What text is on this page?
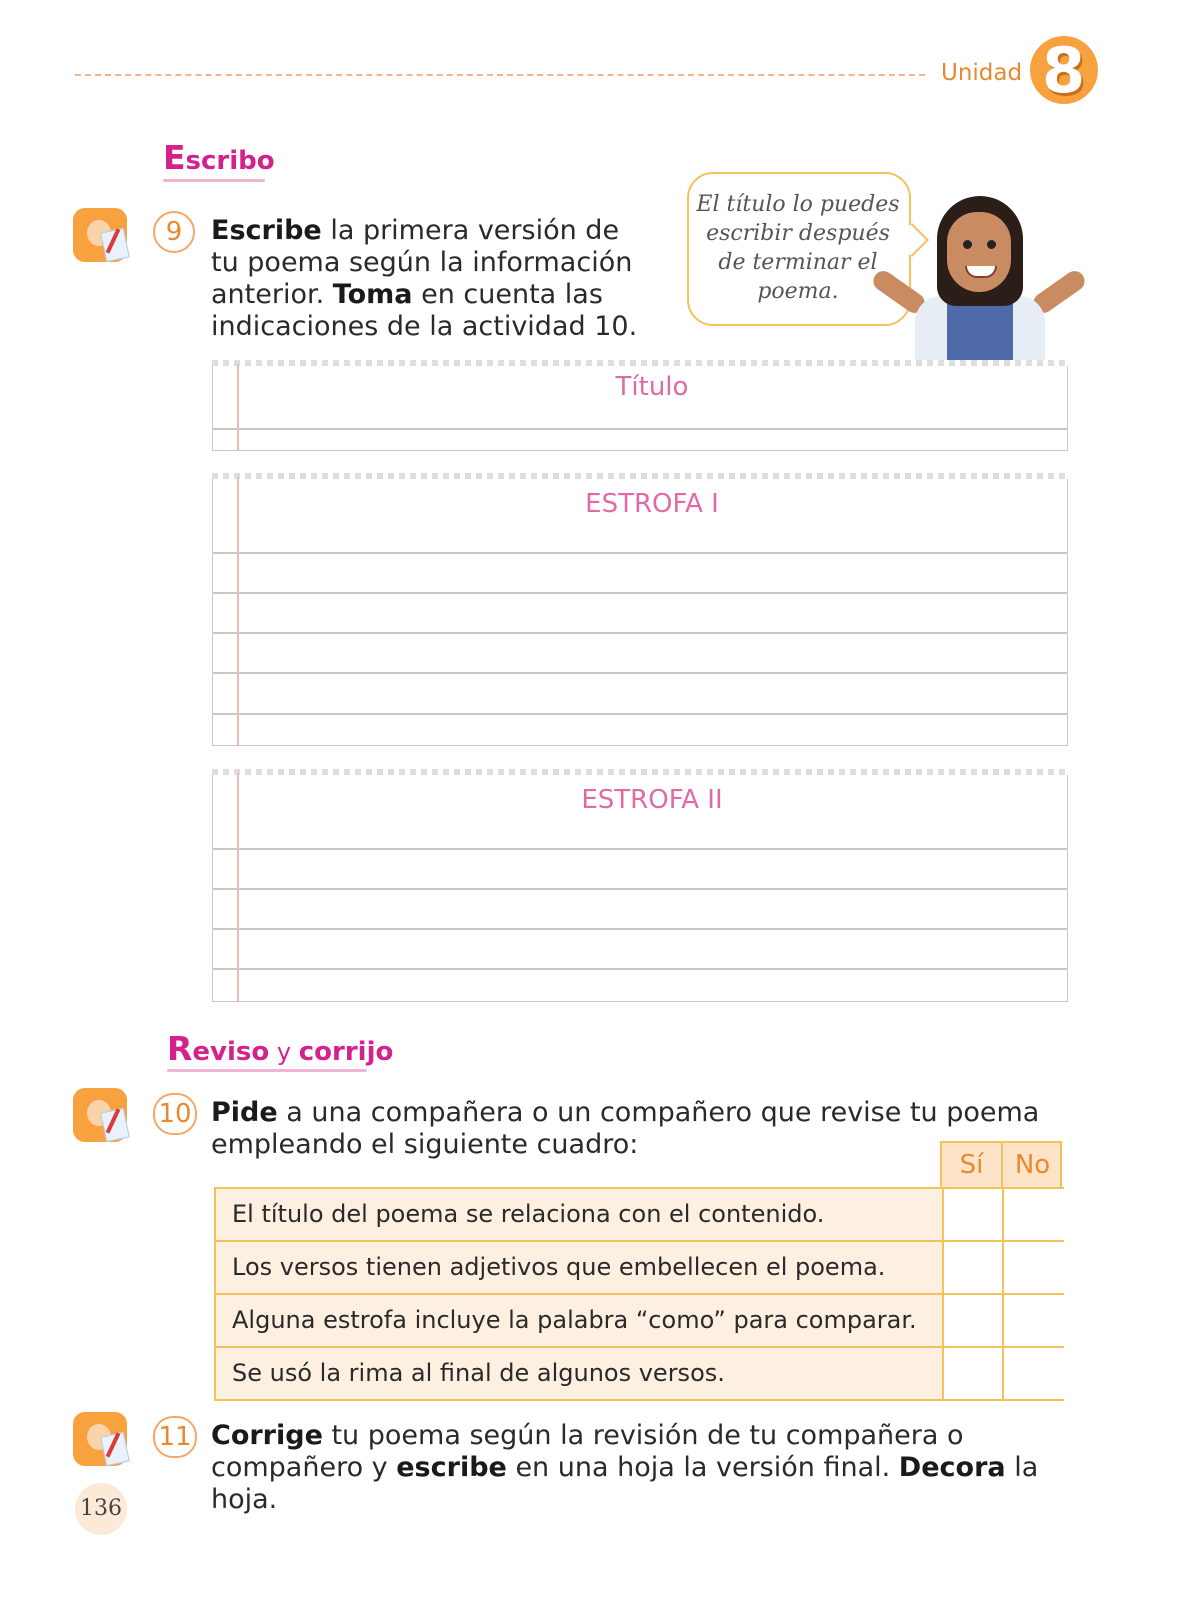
Unidad 8
Escribo
9	Escribe la primera versión de
tu poema según la información
anterior. Toma en cuenta las
indicaciones de la actividad 10.
El título lo puedes
escribir después
de terminar el
poema.
Título
ESTROFA I
ESTROFA II
Reviso y corrijo
10 Pide a una compañera o un compañero que revise tu poema
empleando el siguiente cuadro:
Sí	No
El título del poema se relaciona con el contenido.
Los versos tienen adjetivos que embellecen el poema.
Alguna estrofa incluye la palabra “como” para comparar.
Se usó la rima al final de algunos versos.
11 Corrige tu poema según la revisión de tu compañera o
compañero y escribe en una hoja la versión final. Decora la hoja.
136
